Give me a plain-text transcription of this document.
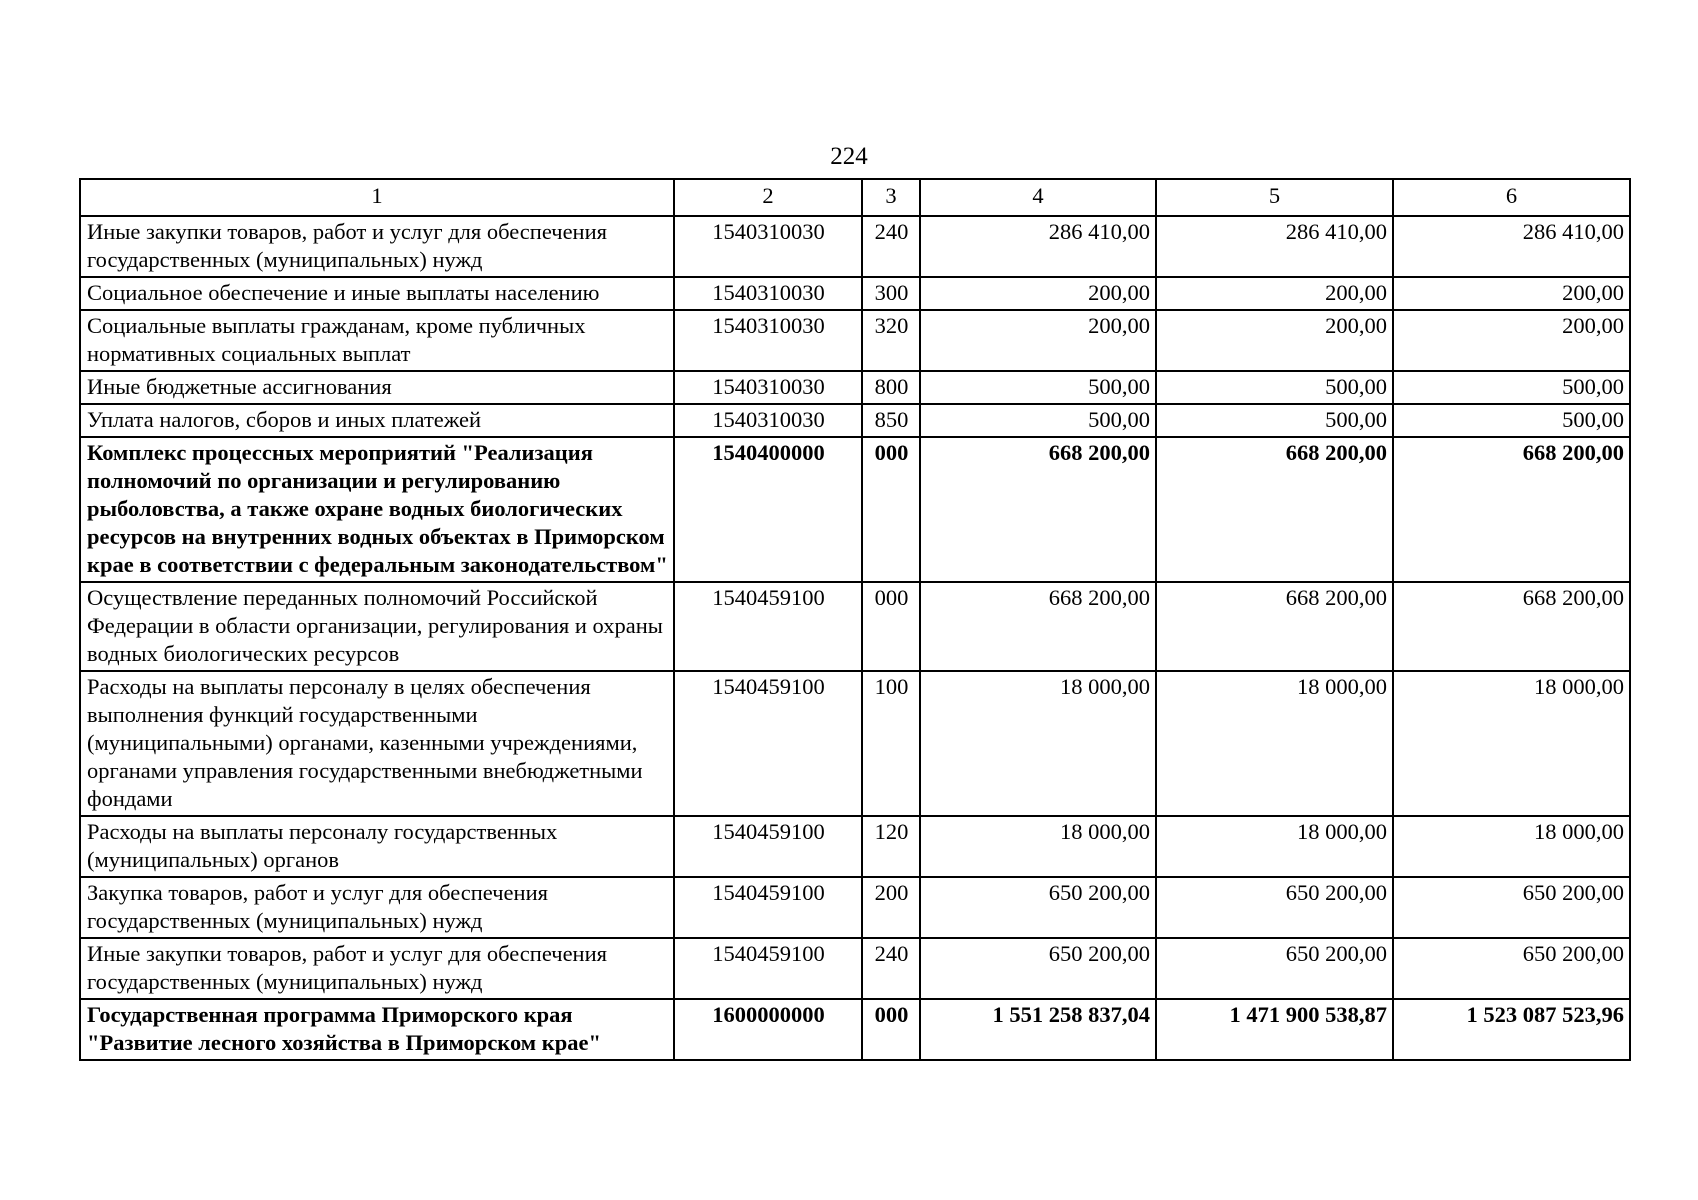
224
1	2	3	4	5	6
Иные закупки товаров, работ и услуг для обеспечения государственных (муниципальных) нужд	1540310030	240	286 410,00	286 410,00	286 410,00
Социальное обеспечение и иные выплаты населению	1540310030	300	200,00	200,00	200,00
Социальные выплаты гражданам, кроме публичных нормативных социальных выплат	1540310030	320	200,00	200,00	200,00
Иные бюджетные ассигнования	1540310030	800	500,00	500,00	500,00
Уплата налогов, сборов и иных платежей	1540310030	850	500,00	500,00	500,00
Комплекс процессных мероприятий "Реализация полномочий по организации и регулированию рыболовства, а также охране водных биологических ресурсов на внутренних водных объектах в Приморском крае в соответствии с федеральным законодательством"	1540400000	000	668 200,00	668 200,00	668 200,00
Осуществление переданных полномочий Российской Федерации в области организации, регулирования и охраны водных биологических ресурсов	1540459100	000	668 200,00	668 200,00	668 200,00
Расходы на выплаты персоналу в целях обеспечения выполнения функций государственными (муниципальными) органами, казенными учреждениями, органами управления государственными внебюджетными фондами	1540459100	100	18 000,00	18 000,00	18 000,00
Расходы на выплаты персоналу государственных (муниципальных) органов	1540459100	120	18 000,00	18 000,00	18 000,00
Закупка товаров, работ и услуг для обеспечения государственных (муниципальных) нужд	1540459100	200	650 200,00	650 200,00	650 200,00
Иные закупки товаров, работ и услуг для обеспечения государственных (муниципальных) нужд	1540459100	240	650 200,00	650 200,00	650 200,00
Государственная программа Приморского края "Развитие лесного хозяйства в Приморском крае"	1600000000	000	1 551 258 837,04	1 471 900 538,87	1 523 087 523,96
